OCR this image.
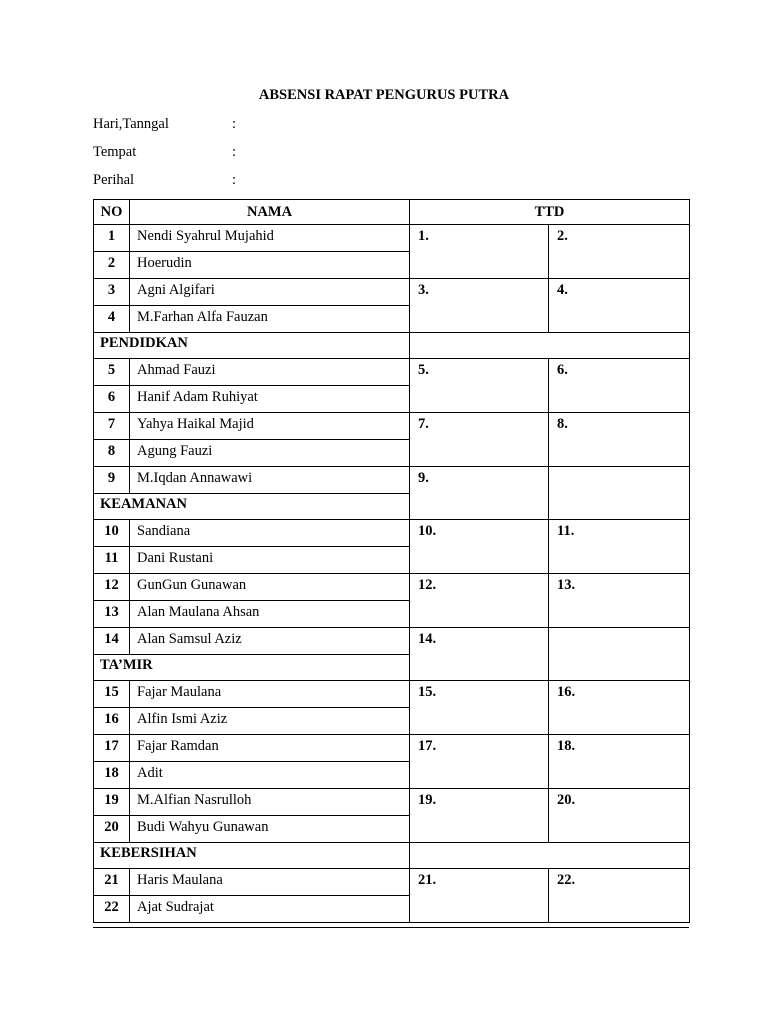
ABSENSI RAPAT PENGURUS PUTRA
Hari,Tanngal	:
Tempat	:
Perihal	:
NO	NAMA	TTD	
1	Nendi Syahrul Mujahid	1.	2.
2	Hoerudin		
3	Agni Algifari	3.	4.
4	M.Farhan Alfa Fauzan		
PENDIDKAN			
5	Ahmad Fauzi	5.	6.
6	Hanif Adam Ruhiyat		
7	Yahya Haikal Majid	7.	8.
8	Agung Fauzi		
9	M.Iqdan Annawawi	9.	
KEAMANAN			
10	Sandiana	10.	11.
11	Dani Rustani		
12	GunGun Gunawan	12.	13.
13	Alan Maulana Ahsan		
14	Alan Samsul Aziz	14.	
TA’MIR			
15	Fajar Maulana	15.	16.
16	Alfin Ismi Aziz		
17	Fajar Ramdan	17.	18.
18	Adit		
19	M.Alfian Nasrulloh	19.	20.
20	Budi Wahyu Gunawan		
KEBERSIHAN			
21	Haris Maulana	21.	22.
22	Ajat Sudrajat		
